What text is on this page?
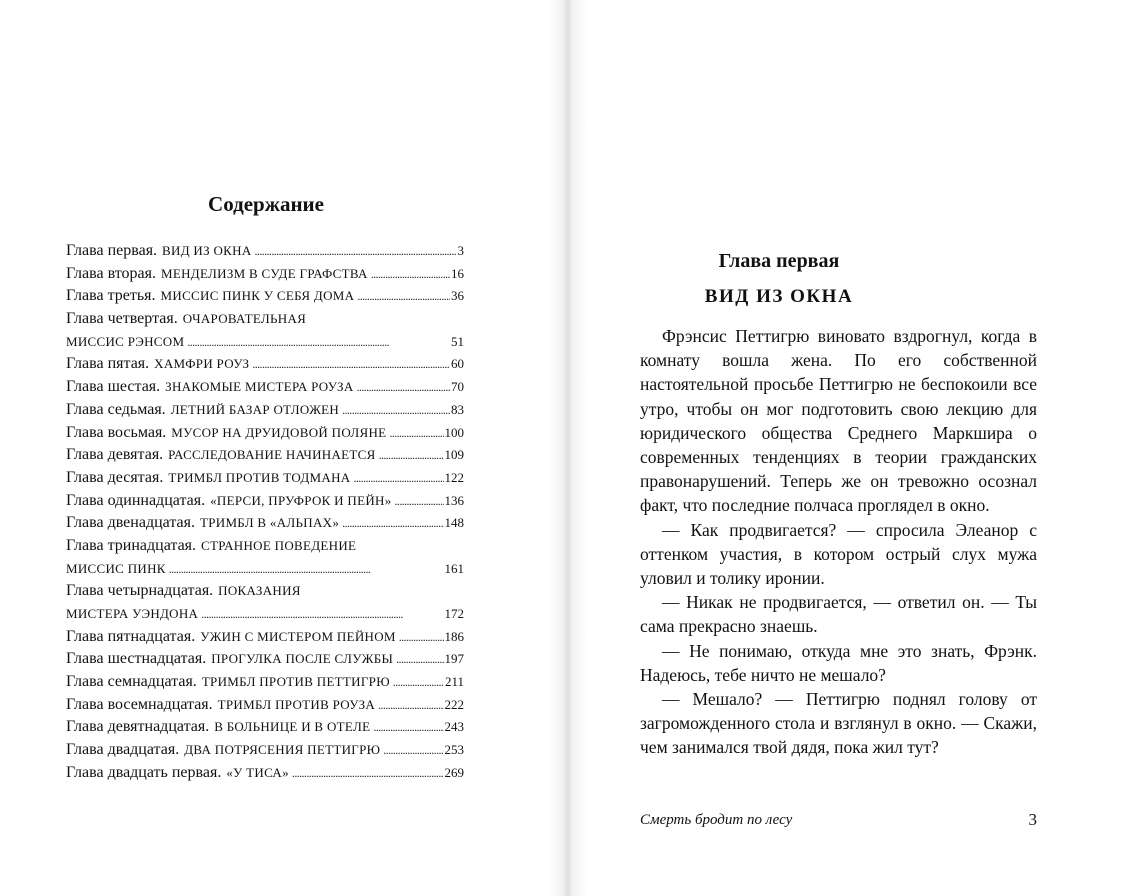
Содержание
Глава первая. ВИД ИЗ ОКНА . . .	3
Глава вторая. МЕНДЕЛИЗМ В СУДЕ ГРАФСТВА . . .	16
Глава третья. МИССИС ПИНК У СЕБЯ ДОМА . . .	36
Глава четвертая. ОЧАРОВАТЕЛЬНАЯ
МИССИС РЭНСОМ . . .	51
Глава пятая. ХАМФРИ РОУЗ . . .	60
Глава шестая. ЗНАКОМЫЕ МИСТЕРА РОУЗА . . .	70
Глава седьмая. ЛЕТНИЙ БАЗАР ОТЛОЖЕН . . .	83
Глава восьмая. МУСОР НА ДРУИДОВОЙ ПОЛЯНЕ . . .	100
Глава девятая. РАССЛЕДОВАНИЕ НАЧИНАЕТСЯ . . .	109
Глава десятая. ТРИМБЛ ПРОТИВ ТОДМАНА . . .	122
Глава одиннадцатая. «ПЕРСИ, ПРУФРОК И ПЕЙН» . . .	136
Глава двенадцатая. ТРИМБЛ В «АЛЬПАХ» . . .	148
Глава тринадцатая. СТРАННОЕ ПОВЕДЕНИЕ
МИССИС ПИНК . . .	161
Глава четырнадцатая. ПОКАЗАНИЯ
МИСТЕРА УЭНДОНА . . .	172
Глава пятнадцатая. УЖИН С МИСТЕРОМ ПЕЙНОМ . . .	186
Глава шестнадцатая. ПРОГУЛКА ПОСЛЕ СЛУЖБЫ . . .	197
Глава семнадцатая. ТРИМБЛ ПРОТИВ ПЕТТИГРЮ . . .	211
Глава восемнадцатая. ТРИМБЛ ПРОТИВ РОУЗА . . .	222
Глава девятнадцатая. В БОЛЬНИЦЕ И В ОТЕЛЕ . . .	243
Глава двадцатая. ДВА ПОТРЯСЕНИЯ ПЕТТИГРЮ . . .	253
Глава двадцать первая. «У ТИСА» . . .	269
Глава первая
ВИД ИЗ ОКНА

Фрэнсис Петтигрю виновато вздрогнул, когда в комнату вошла жена. По его собственной настоятельной просьбе Петтигрю не беспокоили все утро, чтобы он мог подготовить свою лекцию для юридического общества Среднего Маркшира о современных тенденциях в теории гражданских правонарушений. Теперь же он тревожно осознал факт, что последние полчаса проглядел в окно.

— Как продвигается? — спросила Элеанор с оттенком участия, в котором острый слух мужа уловил и толику иронии.

— Никак не продвигается, — ответил он. — Ты сама прекрасно знаешь.

— Не понимаю, откуда мне это знать, Фрэнк. Надеюсь, тебе ничто не мешало?

— Мешало? — Петтигрю поднял голову от загроможденного стола и взглянул в окно. — Скажи, чем занимался твой дядя, пока жил тут?

Смерть бродит по лесу	3
